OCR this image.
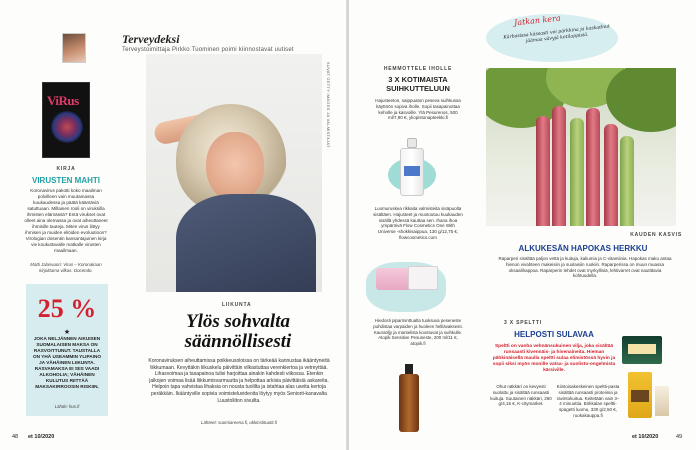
Terveydeksi
Terveystoimittaja Pirkko Tuominen poimi kiinnostavat uutiset
ViRus
KIRJA
VIRUSTEN MAHTI
Koronavirus pakotti koko maailman polvilleen vain muutamassa kuukaudessa ja päätä kääntäviä satuttuaan. Millainen rooli on viruksilla ihmisten elämässä? Entä virukset ovat olleet aina olemassa ja ovat aiheuttaneet ihmisille tauteja. Miten virus liittyy ihmisen ja muiden eliöiden evoluutioon? Virologian dosentin kansantajuinen kirja vie koukuttavalle matkalle virusten maailmaan.
Matti Jalasvuori: Virus – Koronakaan kirjoittama vilkas. Docendo.
25 %
★
JOKA NELJÄNNEN AIKUISEN SUOMALAISEN MAKSA ON RASVOITTUNUT. TAUSTALLA ON YHÄ USEAMMIN YLIPAINO JA VÄHÄINEN LIIKUNTA. RASVAMAKSA EI SIIS VAADI ALKOHOLIA; VÄHÄINEN KULUTUS RIITTÄÄ MAKSAKIRROOSIN RISKIIN.
Lähde: hus.fi
KUVAT GETTY IMAGES JA VALMISTAJAT
LIIKUNTA
Ylös sohvalta
säännöllisesti
Koronaviruksen aiheuttamissa poikkeusoloissa on tärkeää kannustaa ikääntyneitä liikkumaan. Kevyttäkin liikuskelu päivittäin vilkastuttaa verenkiertoa ja vetreyttää. Lihasvoimaa ja tasapainoa tulisi harjoittaa ainakin kahdesti viikossa. Etenkin jalkojen voimaa lisää liikkumisvarmuutta ja helpottaa arkisia päivittäisiä askareita. Helpoin tapa vahvistaa lihaksia on nousta tuolilta ja istahtaa alas useita kertoja peräkkäin. Ikääntyville sopivia voimisteluvideoita löytyy myös Seniorit-kanavalta Luustoliiton sivuilta.
Lähteet: suomiareena.fi, ukkinstituutti.fi
48 et 10/2020
HEMMOTTELE IHOLLE
3 X KOTIMAISTA SUIHKUTTELUUN
Hajusteeton, saippuaton peseva suihkussa käyttöön sopiva iholle. Sopii tasapainottaa keholle ja kasvoille. Ylä Pesurenos, 500 ml/7,90 €, yliopistonapteekki.fi
Luomuruskea rikkaita valmisteita sisäpuolta sisältäen. Hajusteet ja muotoutuu kuukauden sisällä yhdessä kauttaa sen. Ihana ihoa ympäröivä Flow Cosmetics One With Universe -shokkisaippua, 130 g/12,75 €, flowcosmetics.com
Hiedosti piparminttualta tuoksuva peseneste puhdistaa varpaiden ja huoleen helliävaksesti. Kauraöljy ja mantelista koostuvat ja suihkulle. Atopik Sensitive Pesuneste, 200 ml/11 €, atopik.fi
Jatkan kera
Kärbasissa kässasti voi pärkkina ja kaskadnut jäämaa vävyjä kotilappisiä.
KAUDEN KASVIS
ALKUKESÄN HAPOKAS HERKKU
Raparperi sisältää paljon vettä ja kuituja, kaliumia ja C-vitamiinia. Hapokas maku antaa hienon vivahteen makeisiin ja suolaisiin ruokiin. Raparperissa on muun muassa oksaalihappoa. Raparperin lehdet ovat myrkyllisiä, lehtivarret ovat nautittavia kohtuudella.
3 X SPELTTI
HELPOSTI SULAVAA
Speltti on vanha vehnänsukuinen vilja, joka sisältää runsaasti kivennäis- ja hivenaineita. Hieman pähkinäisellä maulla speltti sulaa elimistössä hyvin ja sopii siksi myös monille vatsa- ja suolisto-ongelmista kärsiville.
Ohut näkkäri on kevyesti suolattu ja sisältää runsaasti kuituja. Suutainen näkkäri, 260 g/4,15 €, K-citymarket.
Kiintoisakeskeinen speltti-pasta sisältää runsaasti proteiinia ja ravintokuitua. Keitetään vain 3–4 minuuttia. Birkkalan speltti-spagetti luomu, 330 g/2,50 €, ruokakauppa.fi
et 10/2020	49
